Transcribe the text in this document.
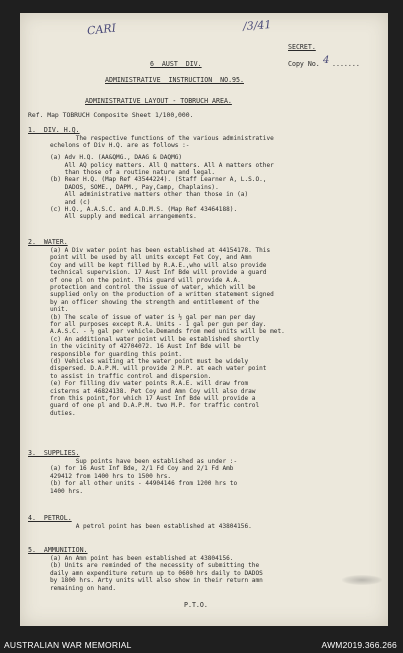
CARI	/3/41
SECRET.
Copy No. 4 .......
6  AUST  DIV.
ADMINISTRATIVE  INSTRUCTION  NO.95.
ADMINISTRATIVE LAYOUT - TOBRUCH AREA.
Ref. Map TOBRUCH Composite Sheet 1/100,000.
1.  DIV. H.Q.
The respective functions of the various administrative
echelons of Div H.Q. are as follows :-
(a) Adv H.Q. (AA&QMG., DAAG & DAQMG)
All AQ policy matters. All Q matters. All A matters other
than those of a routine nature and legal.
(b) Rear H.Q. (Map Ref 43544224). (Staff Learner A, L.S.O.,
DADOS, SOME., DAPM., Pay,Camp, Chaplains).
All administrative matters other than those in (a)
and (c)
(c) H.Q., A.A.S.C. and A.D.M.S. (Map Ref 43464188).
All supply and medical arrangements.
2.  WATER.
(a) A Div water point has been established at 44154178. This
point will be used by all units except Fet Coy, and Amn
Coy and will be kept filled by R.A.E.,who will also provide
technical supervision. 17 Aust Inf Bde will provide a guard
of one pl on the point. This guard will provide A.A.
protection and control the issue of water, which will be
supplied only on the production of a written statement signed
by an officer showing the strength and entitlement of the
unit.
(b) The scale of issue of water is ½ gal per man per day
for all purposes except R.A. Units - 1 gal per gun per day.
A.A.S.C. - ½ gal per vehicle.Demands from med units will be met.
(c) An additional water point will be established shortly
in the vicinity of 42704072. 16 Aust Inf Bde will be
responsible for guarding this point.
(d) Vehicles waiting at the water point must be widely
dispersed. D.A.P.M. will provide 2 M.P. at each water point
to assist in traffic control and dispersion.
(e) For filling div water points R.A.E. will draw from
cisterns at 46824138. Pet Coy and Amn Coy will also draw
from this point,for which 17 Aust Inf Bde will provide a
guard of one pl and D.A.P.M. two M.P. for traffic control
duties.
3.  SUPPLIES.
Sup points have been established as under :-
(a) for 16 Aust Inf Bde, 2/1 Fd Coy and 2/1 Fd Amb
429412 from 1400 hrs to 1500 hrs.
(b) for all other units - 44904146 from 1200 hrs to
1400 hrs.
4.  PETROL.
A petrol point has been established at 43804156.
5.  AMMUNITION.
(a) An Amn point has been established at 43804156.
(b) Units are reminded of the necessity of submitting the
daily amn expenditure return up to 0600 hrs daily to DADOS
by 1800 hrs. Arty units will also show in their return amn
remaining on hand.
P.T.O.
AUSTRALIAN WAR MEMORIAL	AWM2019.366.266
